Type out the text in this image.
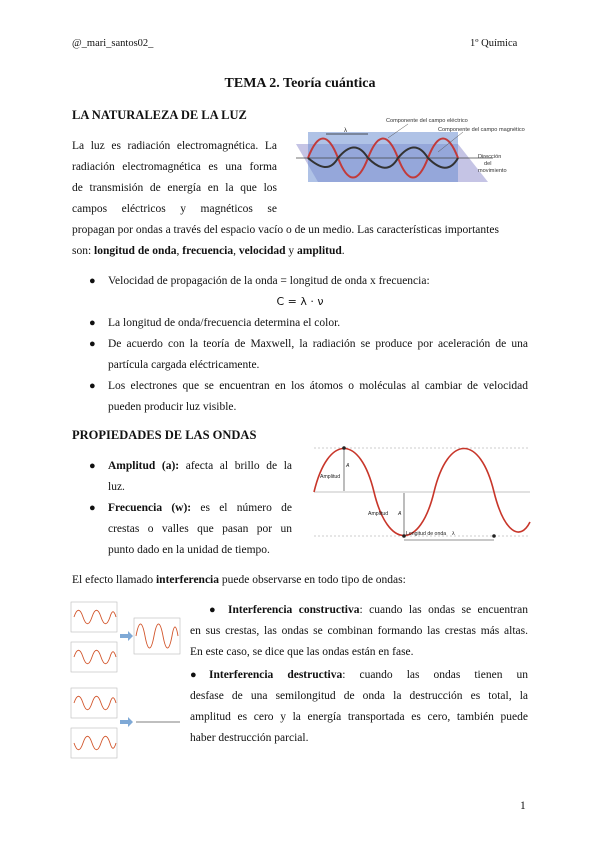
@_mari_santos02_	1º Química
TEMA 2. Teoría cuántica
LA NATURALEZA DE LA LUZ
La luz es radiación electromagnética. La
radiación electromagnética es una forma
de transmisión de energía en la que los
campos eléctricos y magnéticos se
λ
Componente del campo eléctrico
Componente del campo magnético
Dirección
del
movimiento
propagan por ondas a través del espacio vacío o de un medio. Las características importantes
son: longitud de onda, frecuencia, velocidad y amplitud.
● Velocidad de propagación de la onda = longitud de onda x frecuencia:
C = λ · ν
● La longitud de onda/frecuencia determina el color.
● De acuerdo con la teoría de Maxwell, la radiación se produce por aceleración de una
partícula cargada eléctricamente.
● Los electrones que se encuentran en los átomos o moléculas al cambiar de velocidad
pueden producir luz visible.
PROPIEDADES DE LAS ONDAS
● Amplitud (a): afecta al brillo de la
luz.
● Frecuencia (w): es el número de
crestas o valles que pasan por un
punto dado en la unidad de tiempo.
Amplitud
A
Amplitud A
Longitud de onda λ
El efecto llamado interferencia puede observarse en todo tipo de ondas:
● Interferencia constructiva: cuando las ondas se encuentran
en sus crestas, las ondas se combinan formando las crestas más altas.
En este caso, se dice que las ondas están en fase.
● Interferencia destructiva: cuando las ondas tienen un
desfase de una semilongitud de onda la destrucción es total, la
amplitud es cero y la energía transportada es cero, también puede
haber destrucción parcial.
1
